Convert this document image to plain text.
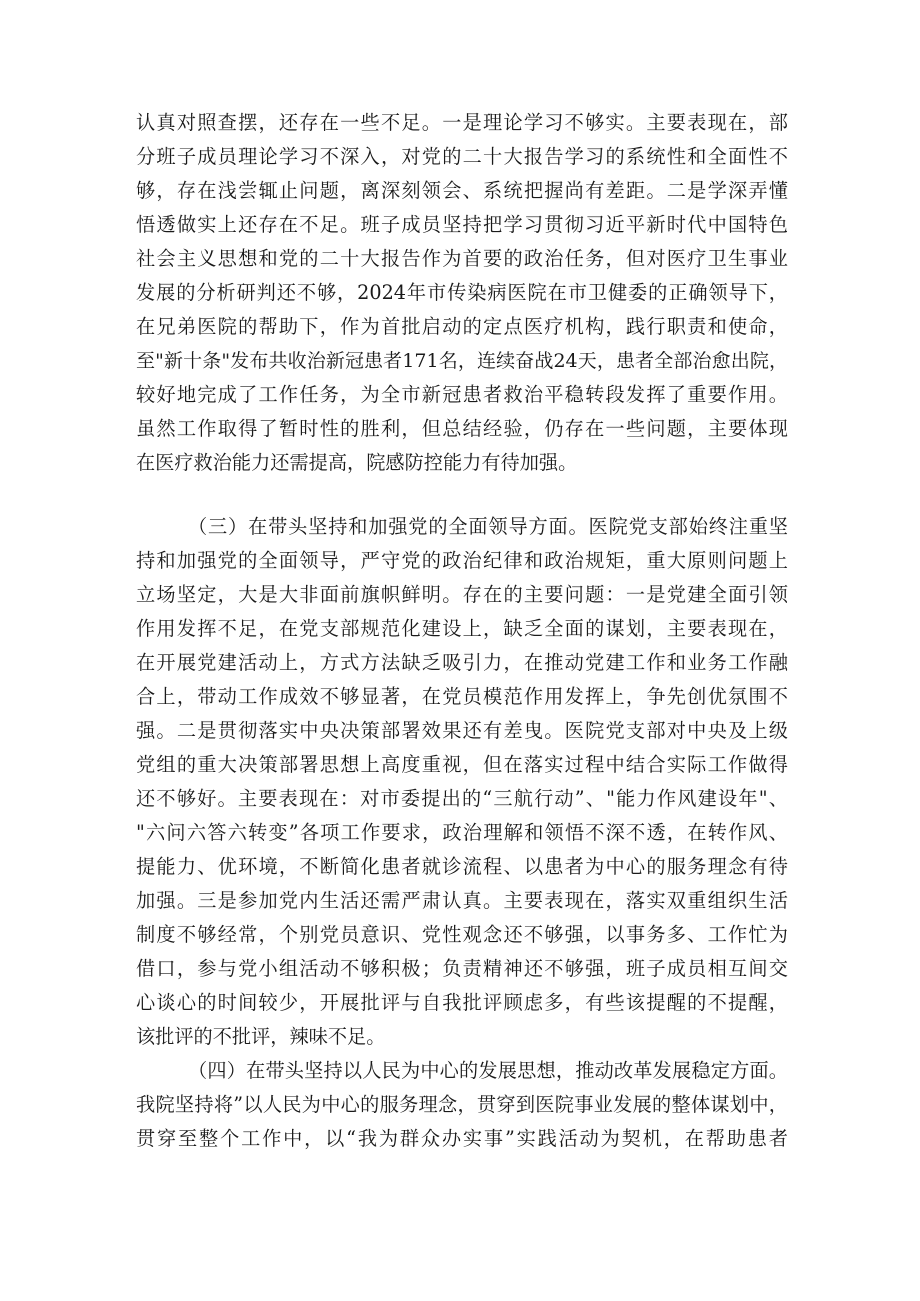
认真对照查摆，还存在一些不足。一是理论学习不够实。主要表现在，部
分班子成员理论学习不深入，对党的二十大报告学习的系统性和全面性不
够，存在浅尝辄止问题，离深刻领会、系统把握尚有差距。二是学深弄懂
悟透做实上还存在不足。班子成员坚持把学习贯彻习近平新时代中国特色
社会主义思想和党的二十大报告作为首要的政治任务，但对医疗卫生事业
发展的分析研判还不够，2024年市传染病医院在市卫健委的正确领导下，
在兄弟医院的帮助下，作为首批启动的定点医疗机构，践行职责和使命，
至"新十条"发布共收治新冠患者171名，连续奋战24天，患者全部治愈出院，
较好地完成了工作任务，为全市新冠患者救治平稳转段发挥了重要作用。
虽然工作取得了暂时性的胜利，但总结经验，仍存在一些问题，主要体现
在医疗救治能力还需提高，院感防控能力有待加强。
（三）在带头坚持和加强党的全面领导方面。医院党支部始终注重坚
持和加强党的全面领导，严守党的政治纪律和政治规矩，重大原则问题上
立场坚定，大是大非面前旗帜鲜明。存在的主要问题：一是党建全面引领
作用发挥不足，在党支部规范化建设上，缺乏全面的谋划，主要表现在，
在开展党建活动上，方式方法缺乏吸引力，在推动党建工作和业务工作融
合上，带动工作成效不够显著，在党员模范作用发挥上，争先创优氛围不
强。二是贯彻落实中央决策部署效果还有差曳。医院党支部对中央及上级
党组的重大决策部署思想上高度重视，但在落实过程中结合实际工作做得
还不够好。主要表现在：对市委提出的“三航行动”、"能力作风建设年"、
"六问六答六转变”各项工作要求，政治理解和领悟不深不透，在转作风、
提能力、优环境，不断简化患者就诊流程、以患者为中心的服务理念有待
加强。三是参加党内生活还需严肃认真。主要表现在，落实双重组织生活
制度不够经常，个别党员意识、党性观念还不够强，以事务多、工作忙为
借口，参与党小组活动不够积极；负责精神还不够强，班子成员相互间交
心谈心的时间较少，开展批评与自我批评顾虑多，有些该提醒的不提醒，
该批评的不批评，辣味不足。
（四）在带头坚持以人民为中心的发展思想，推动改革发展稳定方面。
我院坚持将”以人民为中心的服务理念，贯穿到医院事业发展的整体谋划中，
贯穿至整个工作中，以“我为群众办实事”实践活动为契机，在帮助患者
